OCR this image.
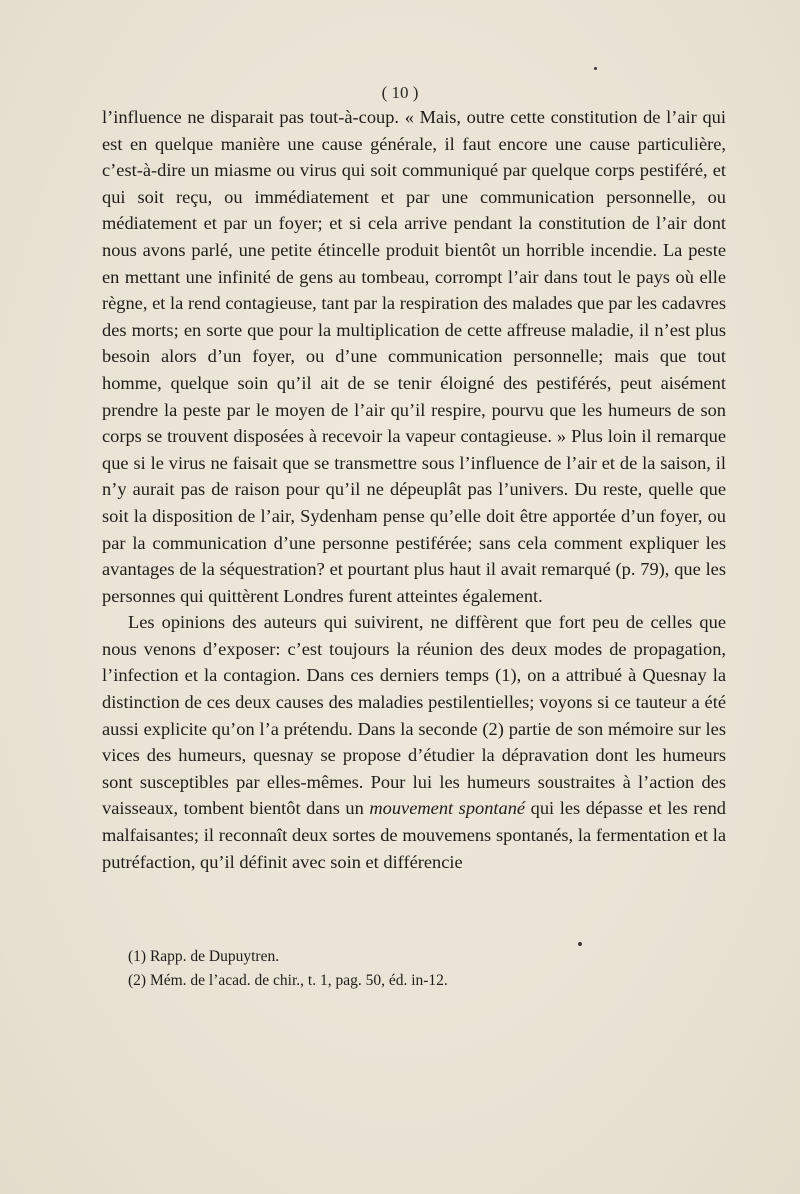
( 10 )

l’influence ne disparait pas tout-à-coup. « Mais, outre cette constitution de l’air qui est en quelque manière une cause générale, il faut encore une cause particulière, c’est-à-dire un miasme ou virus qui soit communiqué par quelque corps pestiféré, et qui soit reçu, ou immédiatement et par une communication personnelle, ou médiatement et par un foyer; et si cela arrive pendant la constitution de l’air dont nous avons parlé, une petite étincelle produit bientôt un horrible incendie. La peste en mettant une infinité de gens au tombeau, corrompt l’air dans tout le pays où elle règne, et la rend contagieuse, tant par la respiration des malades que par les cadavres des morts; en sorte que pour la multiplication de cette affreuse maladie, il n’est plus besoin alors d’un foyer, ou d’une communication personnelle; mais que tout homme, quelque soin qu’il ait de se tenir éloigné des pestiférés, peut aisément prendre la peste par le moyen de l’air qu’il respire, pourvu que les humeurs de son corps se trouvent disposées à recevoir la vapeur contagieuse. » Plus loin il remarque que si le virus ne faisait que se transmettre sous l’influence de l’air et de la saison, il n’y aurait pas de raison pour qu’il ne dépeuplât pas l’univers. Du reste, quelle que soit la disposition de l’air, Sydenham pense qu’elle doit être apportée d’un foyer, ou par la communication d’une personne pestiférée; sans cela comment expliquer les avantages de la séquestration? et pourtant plus haut il avait remarqué (p. 79), que les personnes qui quittèrent Londres furent atteintes également.

Les opinions des auteurs qui suivirent, ne diffèrent que fort peu de celles que nous venons d’exposer: c’est toujours la réunion des deux modes de propagation, l’infection et la contagion. Dans ces derniers temps (1), on a attribué à Quesnay la distinction de ces deux causes des maladies pestilentielles; voyons si ce tauteur a été aussi explicite qu’on l’a prétendu. Dans la seconde (2) partie de son mémoire sur les vices des humeurs, quesnay se propose d’étudier la dépravation dont les humeurs sont susceptibles par elles-mêmes. Pour lui les humeurs soustraites à l’action des vaisseaux, tombent bientôt dans un mouvement spontané qui les dépasse et les rend malfaisantes; il reconnaît deux sortes de mouvemens spontanés, la fermentation et la putréfaction, qu’il définit avec soin et différencie

(1) Rapp. de Dupuytren.

(2) Mém. de l’acad. de chir., t. 1, pag. 50, éd. in-12.
